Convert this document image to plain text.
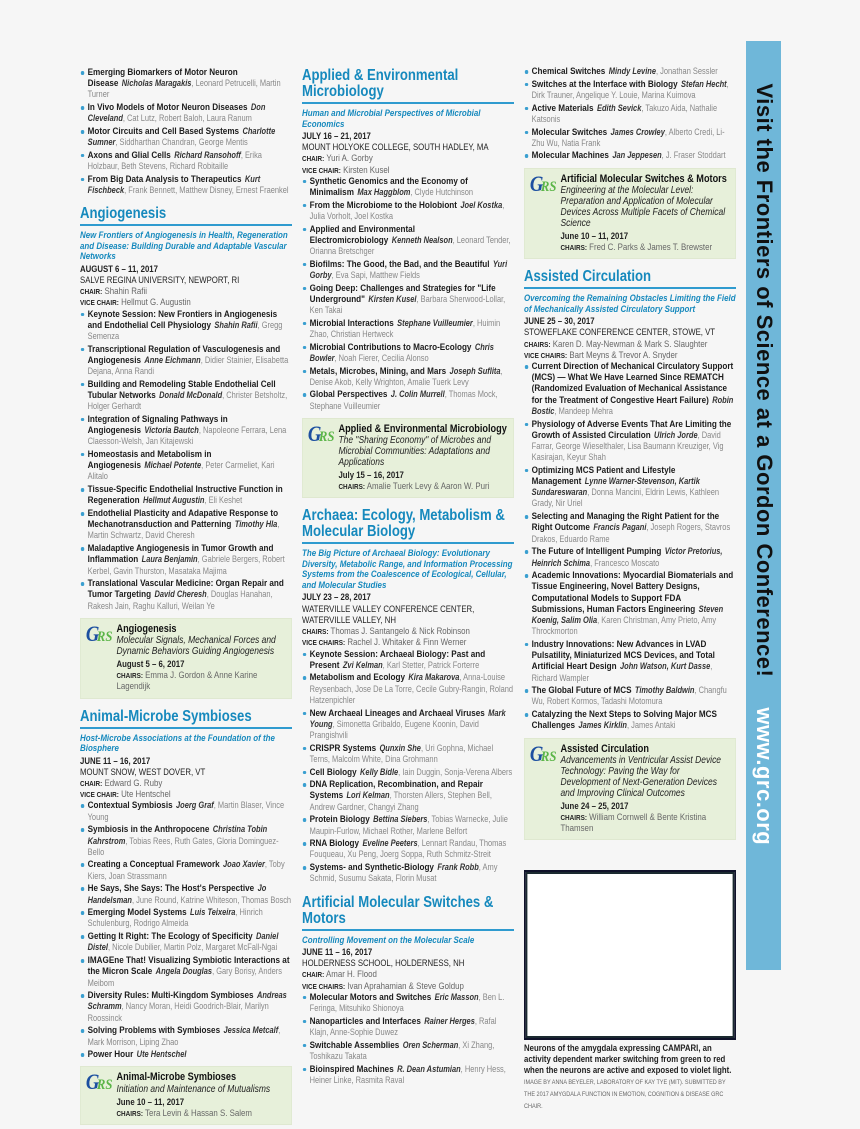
Emerging Biomarkers of Motor Neuron Disease Nicholas Maragakis, Leonard Petrucelli, Martin Turner
In Vivo Models of Motor Neuron Diseases Don Cleveland, Cat Lutz, Robert Baloh, Laura Ranum
Motor Circuits and Cell Based Systems Charlotte Sumner, Siddharthan Chandran, George Mentis
Axons and Glial Cells Richard Ransohoff, Erika Holzbaur, Beth Stevens, Richard Robitaille
From Big Data Analysis to Therapeutics Kurt Fischbeck, Frank Bennett, Matthew Disney, Ernest Fraenkel
Angiogenesis
New Frontiers of Angiogenesis in Health, Regeneration and Disease: Building Durable and Adaptable Vascular Networks
AUGUST 6 – 11, 2017
SALVE REGINA UNIVERSITY, NEWPORT, RI
CHAIR: Shahin Rafii
VICE CHAIR: Hellmut G. Augustin
Keynote Session: New Frontiers in Angiogenesis and Endothelial Cell Physiology Shahin Rafii, Gregg Semenza
Transcriptional Regulation of Vasculogenesis and Angiogenesis Anne Eichmann, Didier Stainier, Elisabetta Dejana, Anna Randi
Building and Remodeling Stable Endothelial Cell Tubular Networks Donald McDonald, Christer Betsholtz, Holger Gerhardt
Integration of Signaling Pathways in Angiogenesis Victoria Bautch, Napoleone Ferrara, Lena Claesson-Welsh, Jan Kitajewski
Homeostasis and Metabolism in Angiogenesis Michael Potente, Peter Carmeliet, Kari Alitalo
Tissue-Specific Endothelial Instructive Function in Regeneration Hellmut Augustin, Eli Keshet
Endothelial Plasticity and Adapative Response to Mechanotransduction and Patterning Timothy Hla, Martin Schwartz, David Cheresh
Maladaptive Angiogenesis in Tumor Growth and Inflammation Laura Benjamin, Gabriele Bergers, Robert Kerbel, Gavin Thurston, Masataka Majima
Translational Vascular Medicine: Organ Repair and Tumor Targeting David Cheresh, Douglas Hanahan, Rakesh Jain, Raghu Kalluri, Weilan Ye
GRS Angiogenesis
Molecular Signals, Mechanical Forces and Dynamic Behaviors Guiding Angiogenesis
August 5 – 6, 2017
CHAIRS: Emma J. Gordon & Anne Karine Lagendijk
Animal-Microbe Symbioses
Host-Microbe Associations at the Foundation of the Biosphere
JUNE 11 – 16, 2017
MOUNT SNOW, WEST DOVER, VT
CHAIR: Edward G. Ruby
VICE CHAIR: Ute Hentschel
Contextual Symbiosis Joerg Graf, Martin Blaser, Vince Young
Symbiosis in the Anthropocene Christina Tobin Kahrstrom, Tobias Rees, Ruth Gates, Gloria Dominguez-Bello
Creating a Conceptual Framework Joao Xavier, Toby Kiers, Joan Strassmann
He Says, She Says: The Host's Perspective Jo Handelsman, June Round, Katrine Whiteson, Thomas Bosch
Emerging Model Systems Luis Teixeira, Hinrich Schulenburg, Rodrigo Almeida
Getting It Right: The Ecology of Specificity Daniel Distel, Nicole Dubilier, Martin Polz, Margaret McFall-Ngai
IMAGEne That! Visualizing Symbiotic Interactions at the Micron Scale Angela Douglas, Gary Borisy, Anders Meibom
Diversity Rules: Multi-Kingdom Symbioses Andreas Schramm, Nancy Moran, Heidi Goodrich-Blair, Marilyn Roossinck
Solving Problems with Symbioses Jessica Metcalf, Mark Morrison, Liping Zhao
Power Hour Ute Hentschel
GRS Animal-Microbe Symbioses
Initiation and Maintenance of Mutualisms
June 10 – 11, 2017
CHAIRS: Tera Levin & Hassan S. Salem
Applied & Environmental Microbiology
Human and Microbial Perspectives of Microbial Economics
JULY 16 – 21, 2017
MOUNT HOLYOKE COLLEGE, SOUTH HADLEY, MA
CHAIR: Yuri A. Gorby
VICE CHAIR: Kirsten Kusel
Synthetic Genomics and the Economy of Minimalism Max Haggblom, Clyde Hutchinson
From the Microbiome to the Holobiont Joel Kostka, Julia Vorholt, Joel Kostka
Applied and Environmental Electromicrobiology Kenneth Nealson, Leonard Tender, Orianna Bretschger
Biofilms: The Good, the Bad, and the Beautiful Yuri Gorby, Eva Sapi, Matthew Fields
Going Deep: Challenges and Strategies for "Life Underground" Kirsten Kusel, Barbara Sherwood-Lollar, Ken Takai
Microbial Interactions Stephane Vuilleumier, Huimin Zhao, Christian Hertweck
Microbial Contributions to Macro-Ecology Chris Bowler, Noah Fierer, Cecilia Alonso
Metals, Microbes, Mining, and Mars Joseph Suflita, Denise Akob, Kelly Wrighton, Amalie Tuerk Levy
Global Perspectives J. Colin Murrell, Thomas Mock, Stephane Vuilleumier
GRS Applied & Environmental Microbiology
The "Sharing Economy" of Microbes and Microbial Communities: Adaptations and Applications
July 15 – 16, 2017
CHAIRS: Amalie Tuerk Levy & Aaron W. Puri
Archaea: Ecology, Metabolism & Molecular Biology
The Big Picture of Archaeal Biology: Evolutionary Diversity, Metabolic Range, and Information Processing Systems from the Coalescence of Ecological, Cellular, and Molecular Studies
JULY 23 – 28, 2017
WATERVILLE VALLEY CONFERENCE CENTER, WATERVILLE VALLEY, NH
CHAIRS: Thomas J. Santangelo & Nick Robinson
VICE CHAIRS: Rachel J. Whitaker & Finn Werner
Keynote Session: Archaeal Biology: Past and Present Zvi Kelman, Karl Stetter, Patrick Forterre
Metabolism and Ecology Kira Makarova, Anna-Louise Reysenbach, Jose De La Torre, Cecile Gubry-Rangin, Roland Hatzenpichler
New Archaeal Lineages and Archaeal Viruses Mark Young, Simonetta Gribaldo, Eugene Koonin, David Prangishvili
CRISPR Systems Qunxin She, Uri Gophna, Michael Terns, Malcolm White, Dina Grohmann
Cell Biology Kelly Bidle, Iain Duggin, Sonja-Verena Albers
DNA Replication, Recombination, and Repair Systems Lori Kelman, Thorsten Allers, Stephen Bell, Andrew Gardner, Changyi Zhang
Protein Biology Bettina Siebers, Tobias Warnecke, Julie Maupin-Furlow, Michael Rother, Marlene Belfort
RNA Biology Eveline Peeters, Lennart Randau, Thomas Fouqueau, Xu Peng, Joerg Soppa, Ruth Schmitz-Streit
Systems- and Synthetic-Biology Frank Robb, Amy Schmid, Susumu Sakata, Florin Musat
Artificial Molecular Switches & Motors
Controlling Movement on the Molecular Scale
JUNE 11 – 16, 2017
HOLDERNESS SCHOOL, HOLDERNESS, NH
CHAIR: Amar H. Flood
VICE CHAIRS: Ivan Aprahamian & Steve Goldup
Molecular Motors and Switches Eric Masson, Ben L. Feringa, Mitsuhiko Shionoya
Nanoparticles and Interfaces Rainer Herges, Rafal Klajn, Anne-Sophie Duwez
Switchable Assemblies Oren Scherman, Xi Zhang, Toshikazu Takata
Bioinspired Machines R. Dean Astumian, Henry Hess, Heiner Linke, Rasmita Raval
Chemical Switches Mindy Levine, Jonathan Sessler
Switches at the Interface with Biology Stefan Hecht, Dirk Trauner, Angelique Y. Louie, Marina Kuimova
Active Materials Edith Sevick, Takuzo Aida, Nathalie Katsonis
Molecular Switches James Crowley, Alberto Credi, Li-Zhu Wu, Natia Frank
Molecular Machines Jan Jeppesen, J. Fraser Stoddart
GRS Artificial Molecular Switches & Motors
Engineering at the Molecular Level: Preparation and Application of Molecular Devices Across Multiple Facets of Chemical Science
June 10 – 11, 2017
CHAIRS: Fred C. Parks & James T. Brewster
Assisted Circulation
Overcoming the Remaining Obstacles Limiting the Field of Mechanically Assisted Circulatory Support
JUNE 25 – 30, 2017
STOWEFLAKE CONFERENCE CENTER, STOWE, VT
CHAIRS: Karen D. May-Newman & Mark S. Slaughter
VICE CHAIRS: Bart Meyns & Trevor A. Snyder
Current Direction of Mechanical Circulatory Support (MCS) — What We Have Learned Since REMATCH (Randomized Evaluation of Mechanical Assistance for the Treatment of Congestive Heart Failure) Robin Bostic, Mandeep Mehra
Physiology of Adverse Events That Are Limiting the Growth of Assisted Circulation Ulrich Jorde, David Farrar, George Wieselthaler, Lisa Baumann Kreuziger, Vig Kasirajan, Keyur Shah
Optimizing MCS Patient and Lifestyle Management Lynne Warner-Stevenson, Kartik Sundareswaran, Donna Mancini, Eldrin Lewis, Kathleen Grady, Nir Uriel
Selecting and Managing the Right Patient for the Right Outcome Francis Pagani, Joseph Rogers, Stavros Drakos, Eduardo Rame
The Future of Intelligent Pumping Victor Pretorius, Heinrich Schima, Francesco Moscato
Academic Innovations: Myocardial Biomaterials and Tissue Engineering, Novel Battery Designs, Computational Models to Support FDA Submissions, Human Factors Engineering Steven Koenig, Salim Olia, Karen Christman, Amy Prieto, Amy Throckmorton
Industry Innovations: New Advances in LVAD Pulsatility, Miniaturized MCS Devices, and Total Artificial Heart Design John Watson, Kurt Dasse, Richard Wampler
The Global Future of MCS Timothy Baldwin, Changfu Wu, Robert Kormos, Tadashi Motomura
Catalyzing the Next Steps to Solving Major MCS Challenges James Kirklin, James Antaki
GRS Assisted Circulation
Advancements in Ventricular Assist Device Technology: Paving the Way for Development of Next-Generation Devices and Improving Clinical Outcomes
June 24 – 25, 2017
CHAIRS: William Cornwell & Bente Kristina Thamsen
Neurons of the amygdala expressing CAMPARI, an activity dependent marker switching from green to red when the neurons are active and exposed to violet light. IMAGE BY ANNA BEYELER, LABORATORY OF KAY TYE (MIT). SUBMITTED BY THE 2017 AMYGDALA FUNCTION IN EMOTION, COGNITION & DISEASE GRC CHAIR.
Visit the Frontiers of Science at a Gordon Conference!www.grc.org
